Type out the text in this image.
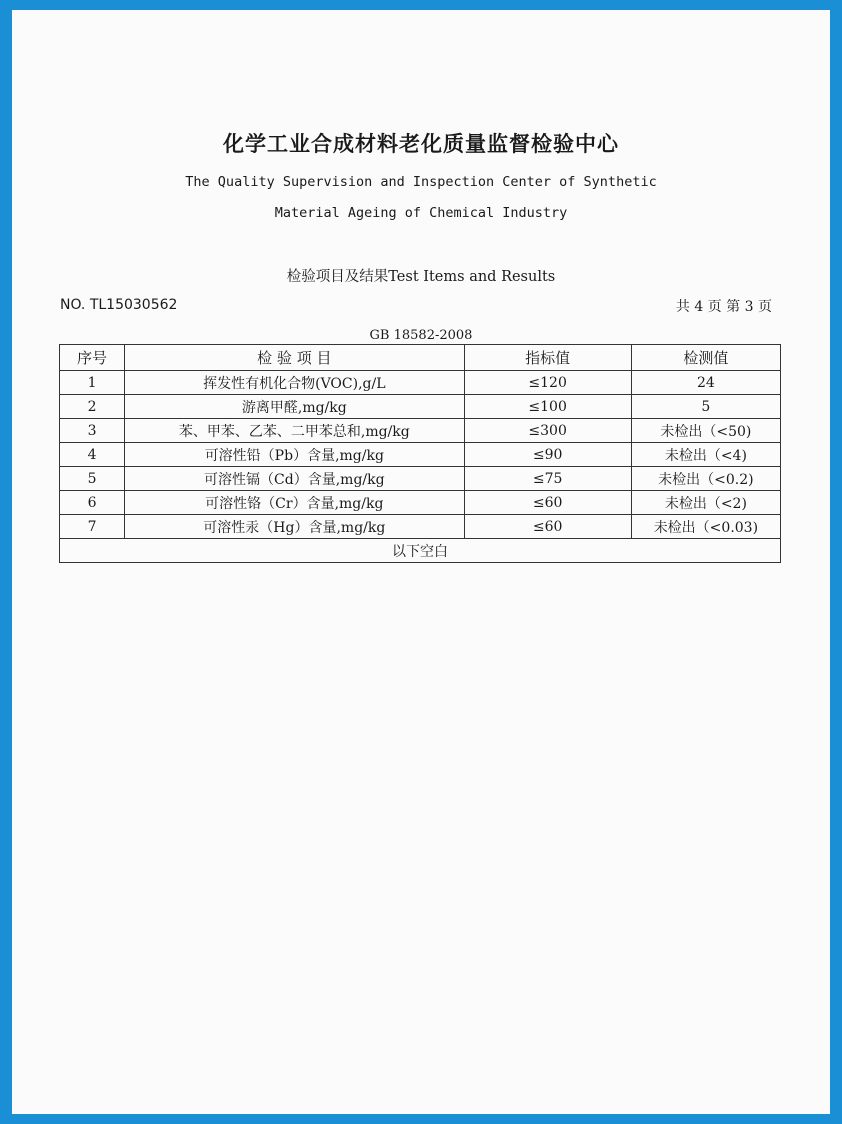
化学工业合成材料老化质量监督检验中心
The Quality Supervision and Inspection Center of Synthetic
Material Ageing of Chemical Industry
检验项目及结果Test Items and Results
NO. TL15030562	共 4 页 第 3 页
GB 18582-2008
序号	检 验 项 目	指标值	检测值
1	挥发性有机化合物(VOC),g/L	≤120	24
2	游离甲醛,mg/kg	≤100	5
3	苯、甲苯、乙苯、二甲苯总和,mg/kg	≤300	未检出（<50)
4	可溶性铅（Pb）含量,mg/kg	≤90	未检出（<4)
5	可溶性镉（Cd）含量,mg/kg	≤75	未检出（<0.2)
6	可溶性铬（Cr）含量,mg/kg	≤60	未检出（<2)
7	可溶性汞（Hg）含量,mg/kg	≤60	未检出（<0.03)
以下空白			
